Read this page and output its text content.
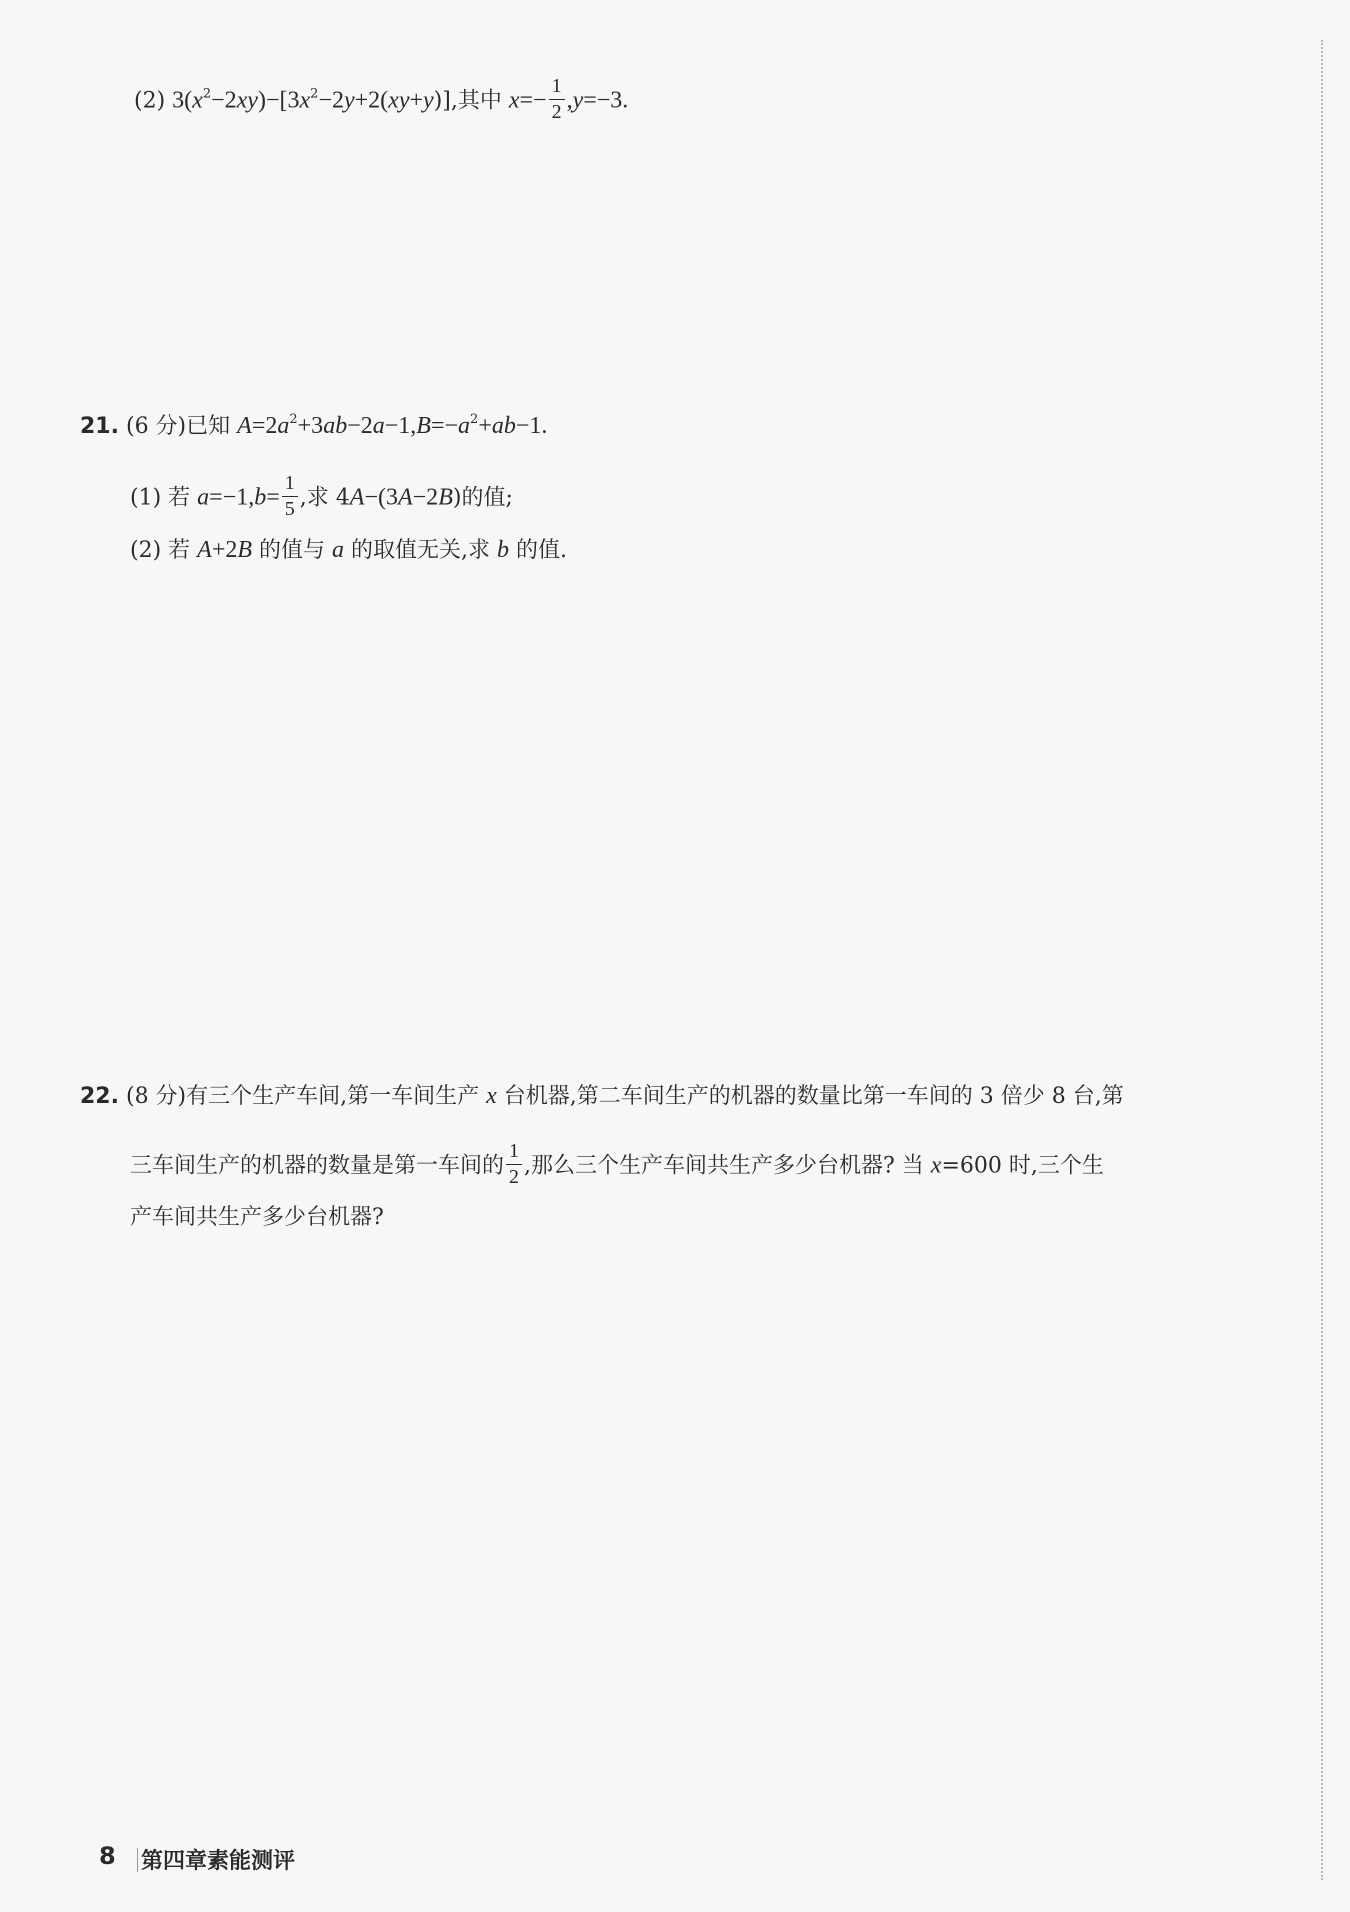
(2) $3(x^2-2xy)-[3x^2-2y+2(xy+y)]$,其中 $x=- \frac{1}{2} ,y=-3$.
21. (6 分)已知 $A=2a^2+3ab-2a-1,B=-a^2+ab-1$.
(1) 若 $a=-1,b= \frac{1}{5}$ ,求 4A−(3A−2B)的值;
(2) 若 A+2B 的值与 a 的取值无关,求 b 的值.
22. (8 分)有三个生产车间,第一车间生产 x 台机器,第二车间生产的机器的数量比第一车间的 3 倍少 8 台,第
三车间生产的机器的数量是第一车间的 $\frac{1}{2}$ ,那么三个生产车间共生产多少台机器? 当 x=600 时,三个生
产车间共生产多少台机器?
8 第四章素能测评
